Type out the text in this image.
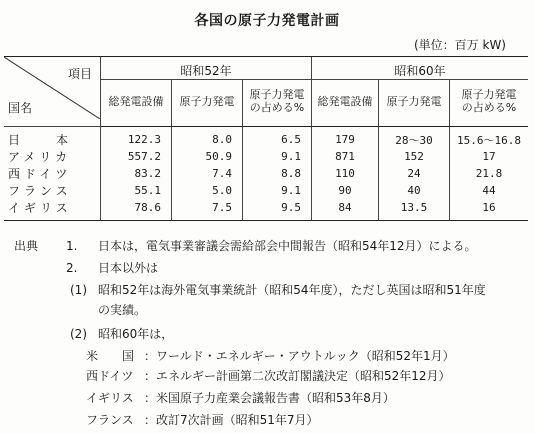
各国の原子力発電計画
(単位：百万 kW)
項目
国名	昭和52年			昭和60年		
	総発電設備	原子力発電	原子力発電の占める%	総発電設備	原子力発電	原子力発電の占める%
日　　本	122.3	8.0	6.5	179	28〜30	15.6〜16.8
アメリカ	557.2	50.9	9.1	871	152	17
西ドイツ	83.2	7.4	8.8	110	24	21.8
フランス	55.1	5.0	9.1	90	40	44
イギリス	78.6	7.5	9.5	84	13.5	16
出典 1. 日本は，電気事業審議会需給部会中間報告（昭和54年12月）による。
2. 日本以外は
(1) 昭和52年は海外電気事業統計（昭和54年度），ただし英国は昭和51年度
の実績。
(2) 昭和60年は，
米　　国 ：ワールド・エネルギー・アウトルック（昭和52年1月）
西ドイツ ：エネルギー計画第二次改訂閣議決定（昭和52年12月）
イギリス ：米国原子力産業会議報告書（昭和53年8月）
フランス ：改訂7次計画（昭和51年7月）
